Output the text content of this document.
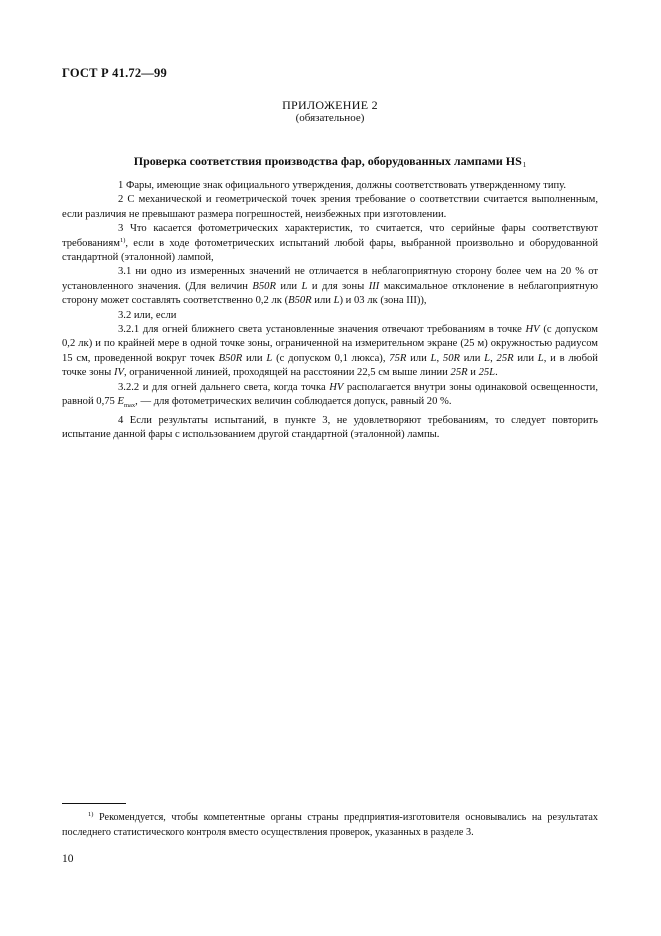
ГОСТ Р 41.72—99
ПРИЛОЖЕНИЕ 2
(обязательное)
Проверка соответствия производства фар, оборудованных лампами $HS_1$

1 Фары, имеющие знак официального утверждения, должны соответствовать утвержденному типу.

2 С механической и геометрической точек зрения требование о соответствии считается выполненным, если различия не превышают размера погрешностей, неизбежных при изготовлении.

3 Что касается фотометрических характеристик, то считается, что серийные фары соответствуют требованиям$^{1)}$, если в ходе фотометрических испытаний любой фары, выбранной произвольно и оборудованной стандартной (эталонной) лампой,

3.1 ни одно из измеренных значений не отличается в неблагоприятную сторону более чем на 20 % от установленного значения. (Для величин B50R или L и для зоны III максимальное отклонение в неблагоприятную сторону может составлять соответственно 0,2 лк (B50R или L) и 03 лк (зона III)),

3.2 или, если

3.2.1 для огней ближнего света установленные значения отвечают требованиям в точке HV (с допуском 0,2 лк) и по крайней мере в одной точке зоны, ограниченной на измерительном экране (25 м) окружностью радиусом 15 см, проведенной вокруг точек B50R или L (с допуском 0,1 люкса), 75R или L, 50R или L, 25R или L, и в любой точке зоны IV, ограниченной линией, проходящей на расстоянии 22,5 см выше линии 25R и 25L.

3.2.2 и для огней дальнего света, когда точка HV располагается внутри зоны одинаковой освещенности, равной 0,75 $E_{max}$, — для фотометрических величин соблюдается допуск, равный 20 %.

4 Если результаты испытаний, в пункте 3, не удовлетворяют требованиям, то следует повторить испытание данной фары с использованием другой стандартной (эталонной) лампы.

$^{1)}$ Рекомендуется, чтобы компетентные органы страны предприятия-изготовителя основывались на результатах последнего статистического контроля вместо осуществления проверок, указанных в разделе 3.

10
